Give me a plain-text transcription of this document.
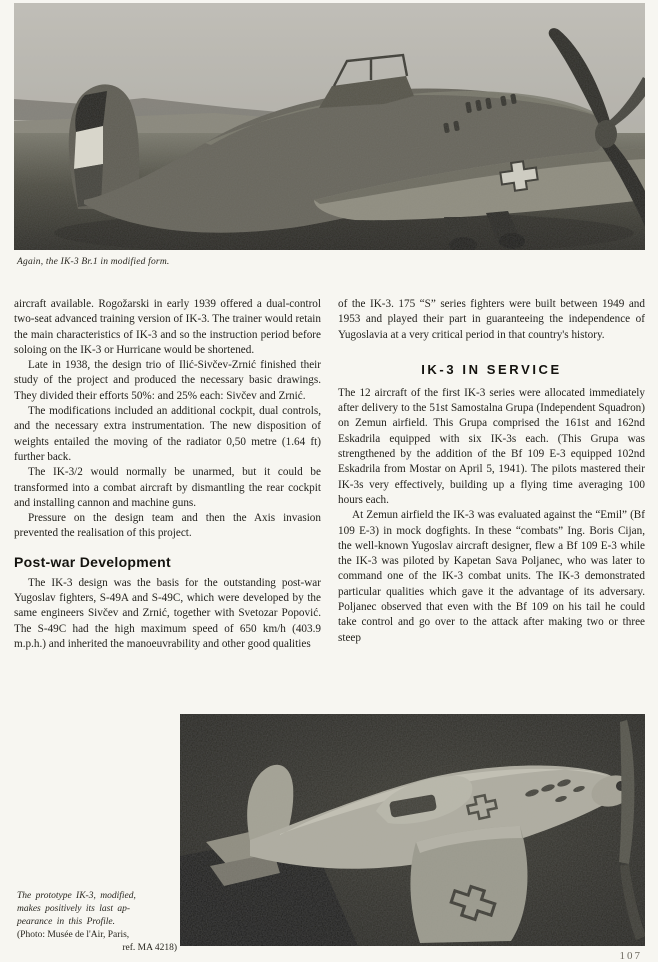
Again, the IK-3 Br.1 in modified form.

aircraft available. Rogožarski in early 1939 offered a dual-control two-seat advanced training version of IK-3. The trainer would retain the main characteristics of IK-3 and so the instruction period before soloing on the IK-3 or Hurricane would be shortened.

Late in 1938, the design trio of Ilić-Sivčev-Zrnić finished their study of the project and produced the necessary basic drawings. They divided their efforts 50%: and 25% each: Sivčev and Zrnić.

The modifications included an additional cockpit, dual controls, and the necessary extra instrumentation. The new disposition of weights entailed the moving of the radiator 0,50 metre (1.64 ft) further back.

The IK-3/2 would normally be unarmed, but it could be transformed into a combat aircraft by dismantling the rear cockpit and installing cannon and machine guns.

Pressure on the design team and then the Axis invasion prevented the realisation of this project.

Post-war Development

The IK-3 design was the basis for the outstanding post-war Yugoslav fighters, S-49A and S-49C, which were developed by the same engineers Sivčev and Zrnić, together with Svetozar Popović. The S-49C had the high maximum speed of 650 km/h (403.9 m.p.h.) and inherited the manoeuvrability and other good qualities

of the IK-3. 175 “S” series fighters were built between 1949 and 1953 and played their part in guaranteeing the independence of Yugoslavia at a very critical period in that country's history.

IK-3 IN SERVICE

The 12 aircraft of the first IK-3 series were allocated immediately after delivery to the 51st Samostalna Grupa (Independent Squadron) on Zemun airfield. This Grupa comprised the 161st and 162nd Eskadrila equipped with six IK-3s each. (This Grupa was strengthened by the addition of the Bf 109 E-3 equipped 102nd Eskadrila from Mostar on April 5, 1941). The pilots mastered their IK-3s very effectively, building up a flying time averaging 100 hours each.

At Zemun airfield the IK-3 was evaluated against the “Emil” (Bf 109 E-3) in mock dogfights. In these “combats” Ing. Boris Cijan, the well-known Yugoslav aircraft designer, flew a Bf 109 E-3 while the IK-3 was piloted by Kapetan Sava Poljanec, who was later to command one of the IK-3 combat units. The IK-3 demonstrated particular qualities which gave it the advantage of its adversary. Poljanec observed that even with the Bf 109 on his tail he could take control and go over to the attack after making two or three steep

The prototype IK-3, modified,
makes positively its last ap-
pearance in this Profile.
(Photo: Musée de l'Air, Paris,
ref. MA 4218)
107
